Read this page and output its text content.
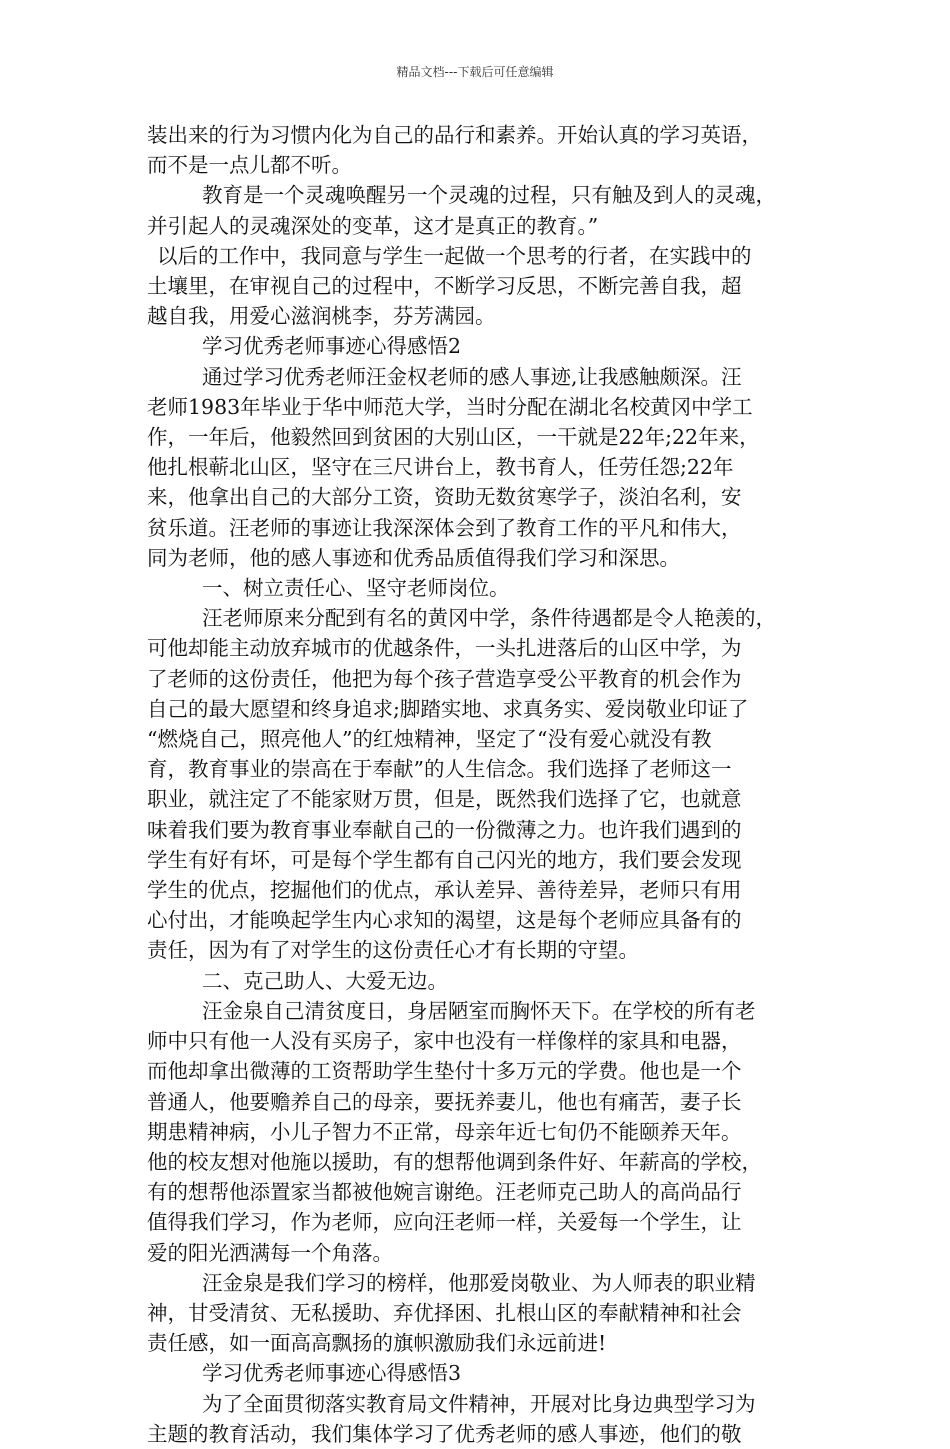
精品文档---下载后可任意编辑

装出来的行为习惯内化为自己的品行和素养。开始认真的学习英语，

而不是一点儿都不听。

教育是一个灵魂唤醒另一个灵魂的过程，只有触及到人的灵魂，

并引起人的灵魂深处的变革，这才是真正的教育。”

以后的工作中，我同意与学生一起做一个思考的行者，在实践中的

土壤里，在审视自己的过程中，不断学习反思，不断完善自我，超

越自我，用爱心滋润桃李，芬芳满园。

学习优秀老师事迹心得感悟2

通过学习优秀老师汪金权老师的感人事迹,让我感触颇深。汪

老师1983年毕业于华中师范大学，当时分配在湖北名校黄冈中学工

作，一年后，他毅然回到贫困的大别山区，一干就是22年;22年来，

他扎根蕲北山区，坚守在三尺讲台上，教书育人，任劳任怨;22年

来，他拿出自己的大部分工资，资助无数贫寒学子，淡泊名利，安

贫乐道。汪老师的事迹让我深深体会到了教育工作的平凡和伟大，

同为老师，他的感人事迹和优秀品质值得我们学习和深思。

一、树立责任心、坚守老师岗位。

汪老师原来分配到有名的黄冈中学，条件待遇都是令人艳羡的，

可他却能主动放弃城市的优越条件，一头扎进落后的山区中学，为

了老师的这份责任，他把为每个孩子营造享受公平教育的机会作为

自己的最大愿望和终身追求;脚踏实地、求真务实、爱岗敬业印证了

“燃烧自己，照亮他人”的红烛精神，坚定了“没有爱心就没有教

育，教育事业的崇高在于奉献”的人生信念。我们选择了老师这一

职业，就注定了不能家财万贯，但是，既然我们选择了它，也就意

味着我们要为教育事业奉献自己的一份微薄之力。也许我们遇到的

学生有好有坏，可是每个学生都有自己闪光的地方，我们要会发现

学生的优点，挖掘他们的优点，承认差异、善待差异，老师只有用

心付出，才能唤起学生内心求知的渴望，这是每个老师应具备有的

责任，因为有了对学生的这份责任心才有长期的守望。

二、克己助人、大爱无边。

汪金泉自己清贫度日，身居陋室而胸怀天下。在学校的所有老

师中只有他一人没有买房子，家中也没有一样像样的家具和电器，

而他却拿出微薄的工资帮助学生垫付十多万元的学费。他也是一个

普通人，他要赡养自己的母亲，要抚养妻儿，他也有痛苦，妻子长

期患精神病，小儿子智力不正常，母亲年近七旬仍不能颐养天年。

他的校友想对他施以援助，有的想帮他调到条件好、年薪高的学校，

有的想帮他添置家当都被他婉言谢绝。汪老师克己助人的高尚品行

值得我们学习，作为老师，应向汪老师一样，关爱每一个学生，让

爱的阳光洒满每一个角落。

汪金泉是我们学习的榜样，他那爱岗敬业、为人师表的职业精

神，甘受清贫、无私援助、弃优择困、扎根山区的奉献精神和社会

责任感，如一面高高飘扬的旗帜激励我们永远前进!

学习优秀老师事迹心得感悟3

为了全面贯彻落实教育局文件精神，开展对比身边典型学习为

主题的教育活动，我们集体学习了优秀老师的感人事迹，他们的敬
